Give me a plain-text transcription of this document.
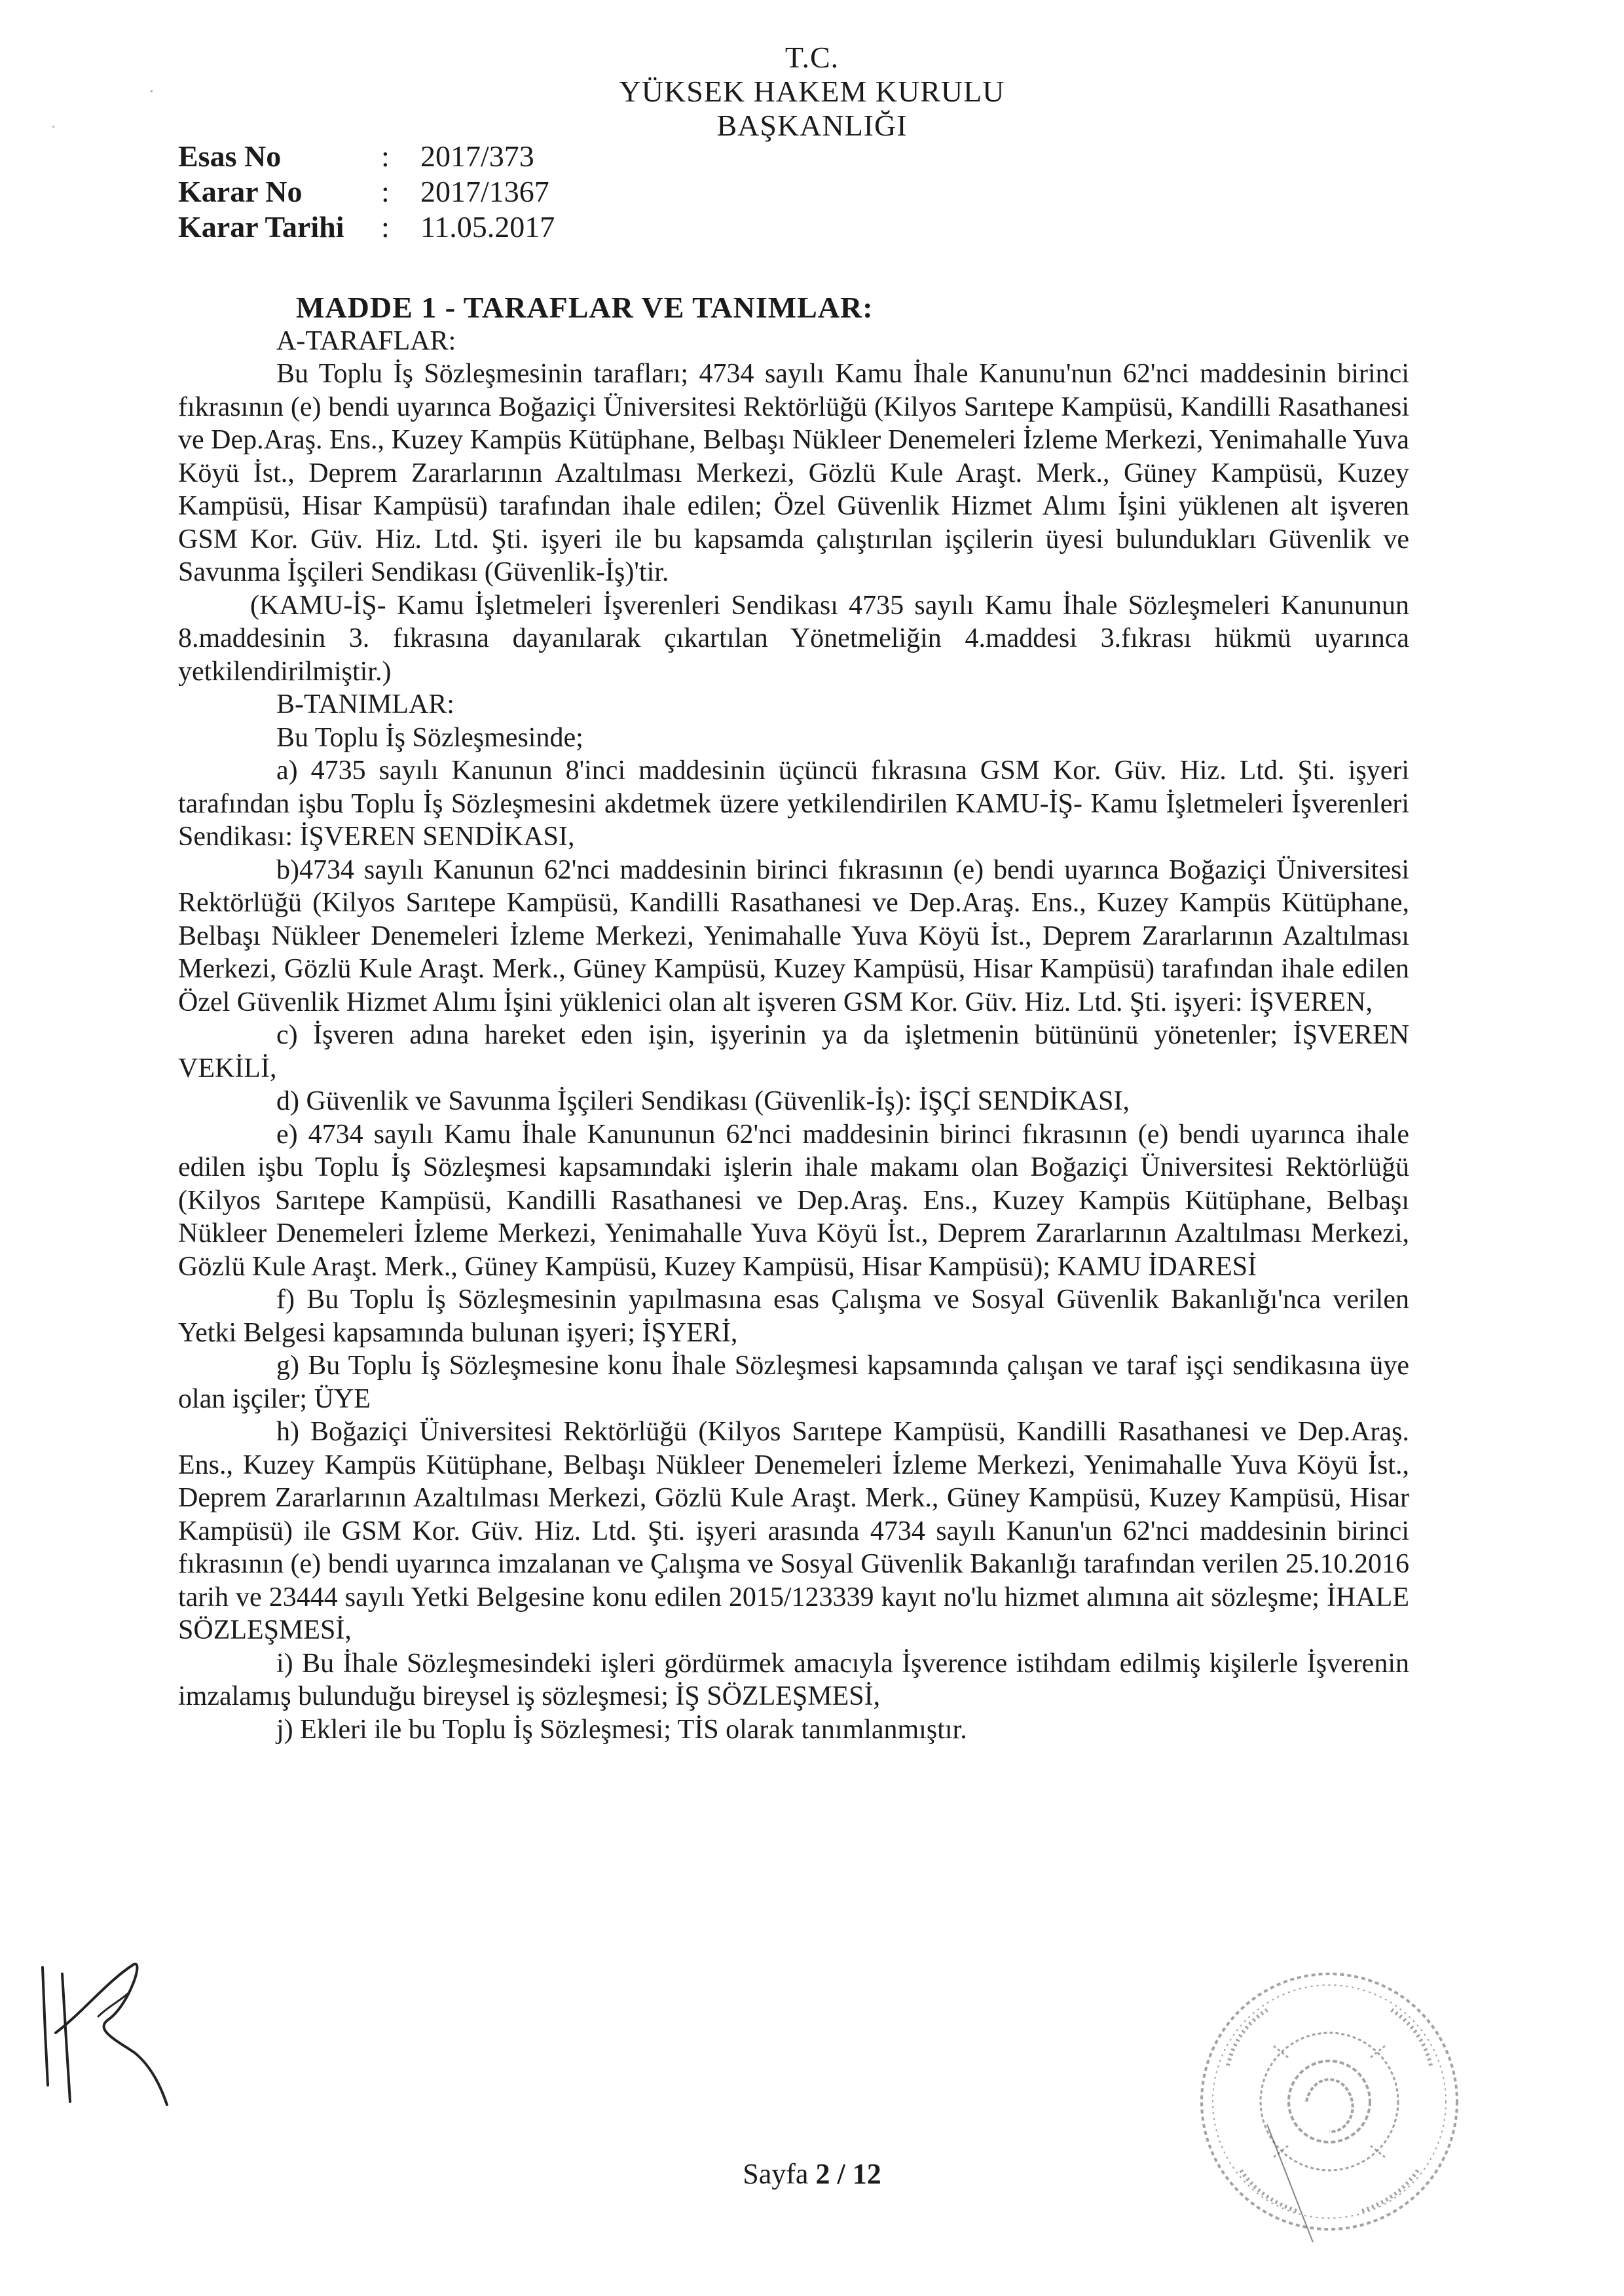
T.C.
YÜKSEK HAKEM KURULU
BAŞKANLIĞI
Esas No	:	2017/373
Karar No	:	2017/1367
Karar Tarihi	:	11.05.2017

MADDE 1 - TARAFLAR VE TANIMLAR:

A-TARAFLAR:

Bu Toplu İş Sözleşmesinin tarafları; 4734 sayılı Kamu İhale Kanunu'nun 62'nci maddesinin birinci fıkrasının (e) bendi uyarınca Boğaziçi Üniversitesi Rektörlüğü (Kilyos Sarıtepe Kampüsü, Kandilli Rasathanesi ve Dep.Araş. Ens., Kuzey Kampüs Kütüphane, Belbaşı Nükleer Denemeleri İzleme Merkezi, Yenimahalle Yuva Köyü İst., Deprem Zararlarının Azaltılması Merkezi, Gözlü Kule Araşt. Merk., Güney Kampüsü, Kuzey Kampüsü, Hisar Kampüsü) tarafından ihale edilen; Özel Güvenlik Hizmet Alımı İşini yüklenen alt işveren GSM Kor. Güv. Hiz. Ltd. Şti. işyeri ile bu kapsamda çalıştırılan işçilerin üyesi bulundukları Güvenlik ve Savunma İşçileri Sendikası (Güvenlik-İş)'tir.

(KAMU-İŞ- Kamu İşletmeleri İşverenleri Sendikası 4735 sayılı Kamu İhale Sözleşmeleri Kanununun 8.maddesinin 3. fıkrasına dayanılarak çıkartılan Yönetmeliğin 4.maddesi 3.fıkrası hükmü uyarınca yetkilendirilmiştir.)

B-TANIMLAR:

Bu Toplu İş Sözleşmesinde;

a) 4735 sayılı Kanunun 8'inci maddesinin üçüncü fıkrasına GSM Kor. Güv. Hiz. Ltd. Şti. işyeri tarafından işbu Toplu İş Sözleşmesini akdetmek üzere yetkilendirilen KAMU-İŞ- Kamu İşletmeleri İşverenleri Sendikası: İŞVEREN SENDİKASI,

b)4734 sayılı Kanunun 62'nci maddesinin birinci fıkrasının (e) bendi uyarınca Boğaziçi Üniversitesi Rektörlüğü (Kilyos Sarıtepe Kampüsü, Kandilli Rasathanesi ve Dep.Araş. Ens., Kuzey Kampüs Kütüphane, Belbaşı Nükleer Denemeleri İzleme Merkezi, Yenimahalle Yuva Köyü İst., Deprem Zararlarının Azaltılması Merkezi, Gözlü Kule Araşt. Merk., Güney Kampüsü, Kuzey Kampüsü, Hisar Kampüsü) tarafından ihale edilen Özel Güvenlik Hizmet Alımı İşini yüklenici olan alt işveren GSM Kor. Güv. Hiz. Ltd. Şti. işyeri: İŞVEREN,

c) İşveren adına hareket eden işin, işyerinin ya da işletmenin bütününü yönetenler; İŞVEREN VEKİLİ,

d) Güvenlik ve Savunma İşçileri Sendikası (Güvenlik-İş): İŞÇİ SENDİKASI,

e) 4734 sayılı Kamu İhale Kanununun 62'nci maddesinin birinci fıkrasının (e) bendi uyarınca ihale edilen işbu Toplu İş Sözleşmesi kapsamındaki işlerin ihale makamı olan Boğaziçi Üniversitesi Rektörlüğü (Kilyos Sarıtepe Kampüsü, Kandilli Rasathanesi ve Dep.Araş. Ens., Kuzey Kampüs Kütüphane, Belbaşı Nükleer Denemeleri İzleme Merkezi, Yenimahalle Yuva Köyü İst., Deprem Zararlarının Azaltılması Merkezi, Gözlü Kule Araşt. Merk., Güney Kampüsü, Kuzey Kampüsü, Hisar Kampüsü); KAMU İDARESİ

f) Bu Toplu İş Sözleşmesinin yapılmasına esas Çalışma ve Sosyal Güvenlik Bakanlığı'nca verilen Yetki Belgesi kapsamında bulunan işyeri; İŞYERİ,

g) Bu Toplu İş Sözleşmesine konu İhale Sözleşmesi kapsamında çalışan ve taraf işçi sendikasına üye olan işçiler; ÜYE

h) Boğaziçi Üniversitesi Rektörlüğü (Kilyos Sarıtepe Kampüsü, Kandilli Rasathanesi ve Dep.Araş. Ens., Kuzey Kampüs Kütüphane, Belbaşı Nükleer Denemeleri İzleme Merkezi, Yenimahalle Yuva Köyü İst., Deprem Zararlarının Azaltılması Merkezi, Gözlü Kule Araşt. Merk., Güney Kampüsü, Kuzey Kampüsü, Hisar Kampüsü) ile GSM Kor. Güv. Hiz. Ltd. Şti. işyeri arasında 4734 sayılı Kanun'un 62'nci maddesinin birinci fıkrasının (e) bendi uyarınca imzalanan ve Çalışma ve Sosyal Güvenlik Bakanlığı tarafından verilen 25.10.2016 tarih ve 23444 sayılı Yetki Belgesine konu edilen 2015/123339 kayıt no'lu hizmet alımına ait sözleşme; İHALE SÖZLEŞMESİ,

i) Bu İhale Sözleşmesindeki işleri gördürmek amacıyla İşverence istihdam edilmiş kişilerle İşverenin imzalamış bulunduğu bireysel iş sözleşmesi; İŞ SÖZLEŞMESİ,

j) Ekleri ile bu Toplu İş Sözleşmesi; TİS olarak tanımlanmıştır.

Sayfa 2 / 12
